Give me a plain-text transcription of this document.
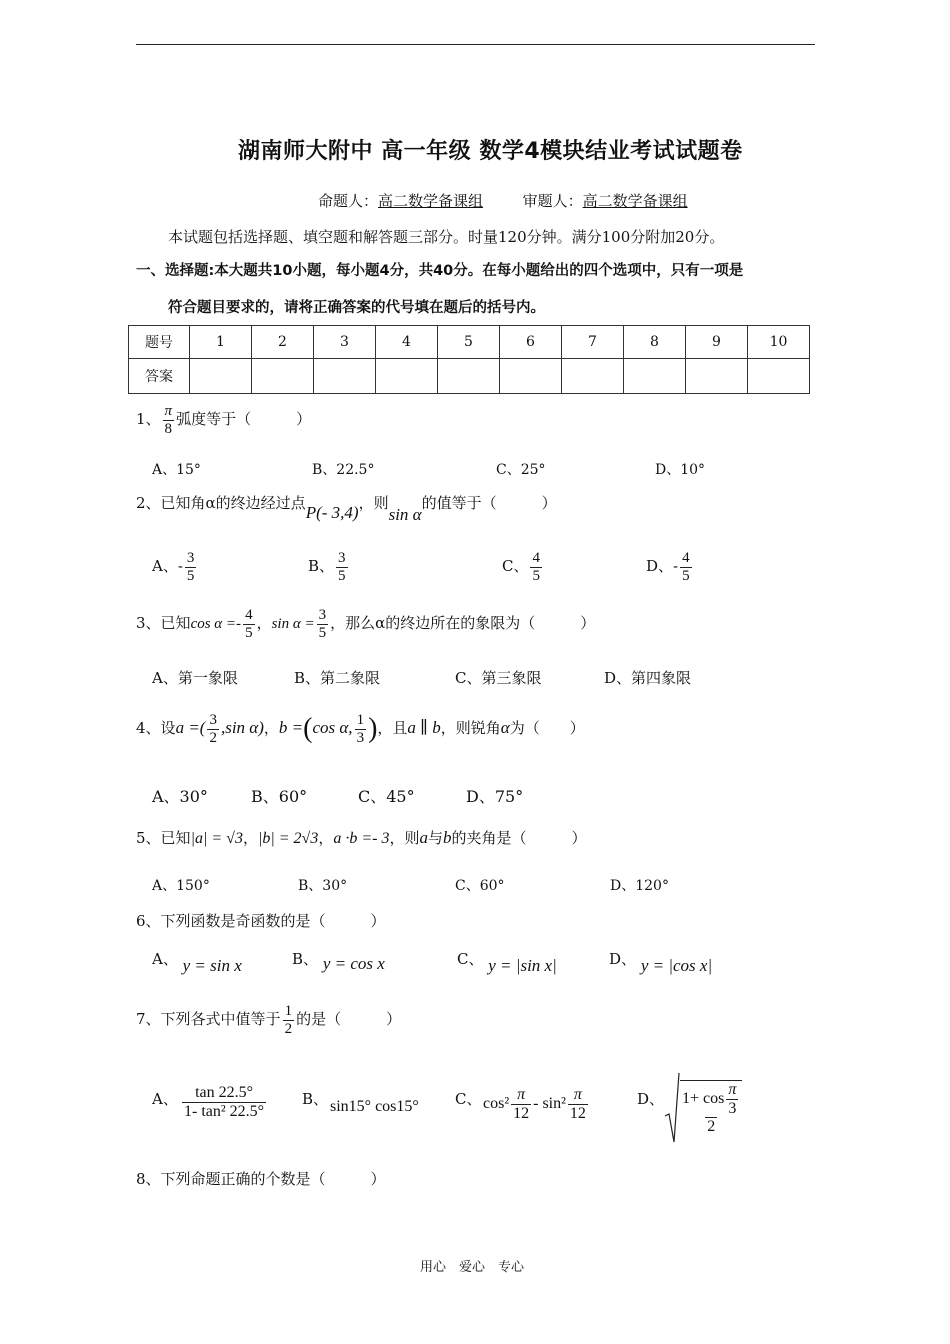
湖南师大附中 高一年级 数学4模块结业考试试题卷
命题人：高二数学备课组	审题人：高二数学备课组
本试题包括选择题、填空题和解答题三部分。时量120分钟。满分100分附加20分。
一、选择题:本大题共10小题，每小题4分，共40分。在每小题给出的四个选项中，只有一项是
符合题目要求的，请将正确答案的代号填在题后的括号内。
题号	1	2	3	4	5	6	7	8	9	10
答案										
1、 $\frac{\pi}{8}$ 弧度等于（　　　）
A、15°	B、22.5°	C、25°	D、10°
2、已知角α的终边经过点P(- 3,4)，则sin α的值等于（　　　）
A、- $\frac{3}{5}$	B、 $\frac{3}{5}$	C、 $\frac{4}{5}$	D、- $\frac{4}{5}$
3、已知$\cos \alpha =- \frac{4}{5}$ ，$\sin \alpha = \frac{3}{5}$ ，那么α的终边所在的象限为（　　　）
A、第一象限	B、第二象限	C、第三象限	D、第四象限
4、设a =( $\frac{3}{2} ,\sin$ α)，b =(cos α, $\frac{1}{3}$ )，且a ∥ b，则锐角α为（　　）
A、30°	B、60°	C、45°	D、75°
5、已知|a| = √3，|b| = 2√3，a ·b =- 3，则a与b的夹角是（　　　）
A、150°	B、30°	C、60°	D、120°
6、下列函数是奇函数的是（　　　）
A、 y = sin x	B、 y = cos x	C、 y = |sin x|	D、 y = |cos x|
7、下列各式中值等于 $\frac{1}{2}$ 的是（　　　）
A、 $\frac{\tan 22.5^\circ}{\text{1- tan² 22.5°}}$ B、 sin15° cos15° C、 $\cos^2 \frac{\pi}{12} - \sin^2 \frac{\pi}{12}$	D、 $\frac{1+ \cos \frac{\pi}{3}}{2}$
8、下列命题正确的个数是（　　　）
用心　爱心　专心
